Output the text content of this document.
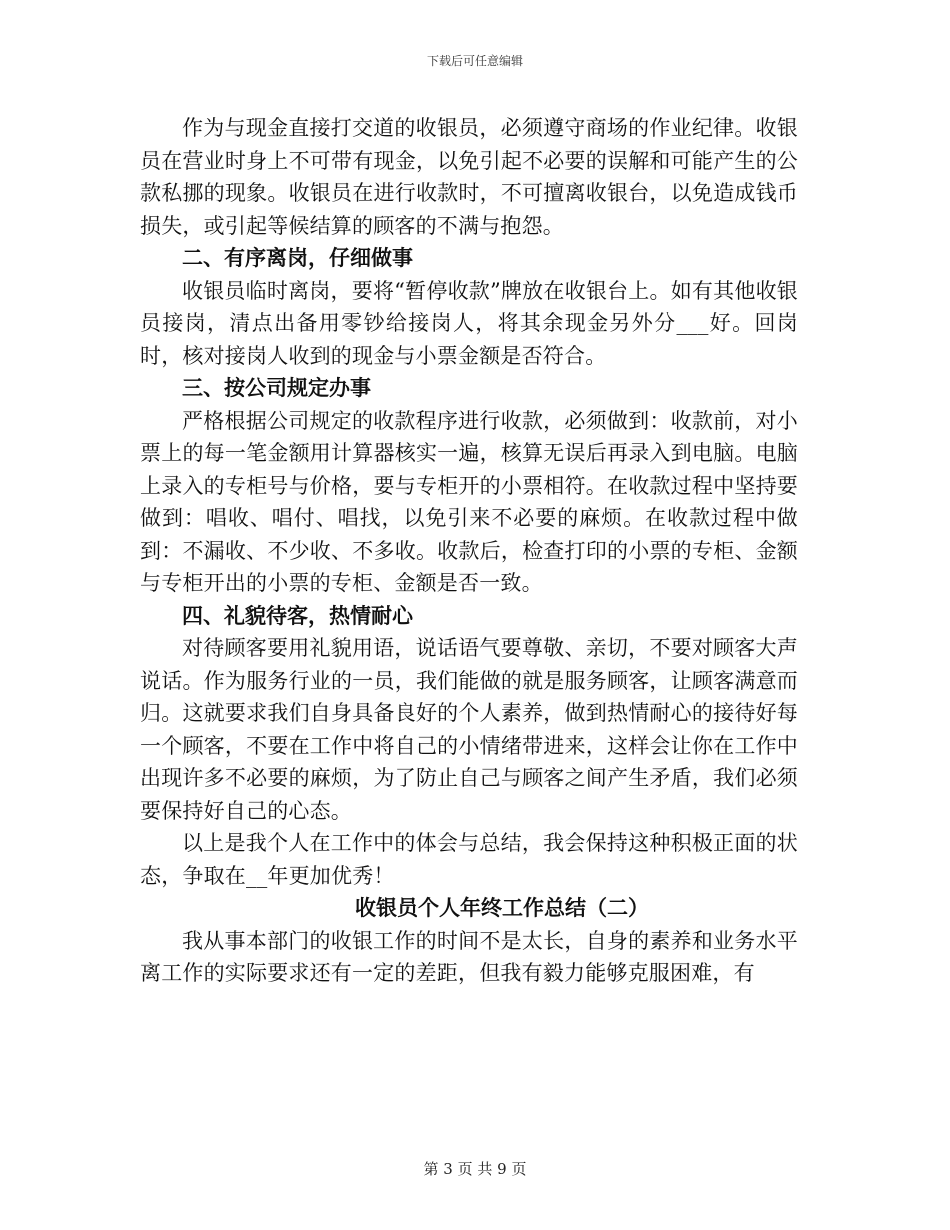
下载后可任意编辑

作为与现金直接打交道的收银员，必须遵守商场的作业纪律。收银员在营业时身上不可带有现金，以免引起不必要的误解和可能产生的公款私挪的现象。收银员在进行收款时，不可擅离收银台，以免造成钱币损失，或引起等候结算的顾客的不满与抱怨。

二、有序离岗，仔细做事

收银员临时离岗，要将“暂停收款”牌放在收银台上。如有其他收银员接岗，清点出备用零钞给接岗人，将其余现金另外分___好。回岗时，核对接岗人收到的现金与小票金额是否符合。

三、按公司规定办事

严格根据公司规定的收款程序进行收款，必须做到：收款前，对小票上的每一笔金额用计算器核实一遍，核算无误后再录入到电脑。电脑上录入的专柜号与价格，要与专柜开的小票相符。在收款过程中坚持要做到：唱收、唱付、唱找，以免引来不必要的麻烦。在收款过程中做到：不漏收、不少收、不多收。收款后，检查打印的小票的专柜、金额与专柜开出的小票的专柜、金额是否一致。

四、礼貌待客，热情耐心

对待顾客要用礼貌用语，说话语气要尊敬、亲切，不要对顾客大声说话。作为服务行业的一员，我们能做的就是服务顾客，让顾客满意而归。这就要求我们自身具备良好的个人素养，做到热情耐心的接待好每一个顾客，不要在工作中将自己的小情绪带进来，这样会让你在工作中出现许多不必要的麻烦，为了防止自己与顾客之间产生矛盾，我们必须要保持好自己的心态。

以上是我个人在工作中的体会与总结，我会保持这种积极正面的状态，争取在__年更加优秀！

收银员个人年终工作总结（二）

我从事本部门的收银工作的时间不是太长，自身的素养和业务水平离工作的实际要求还有一定的差距，但我有毅力能够克服困难，有

第 3 页 共 9 页
